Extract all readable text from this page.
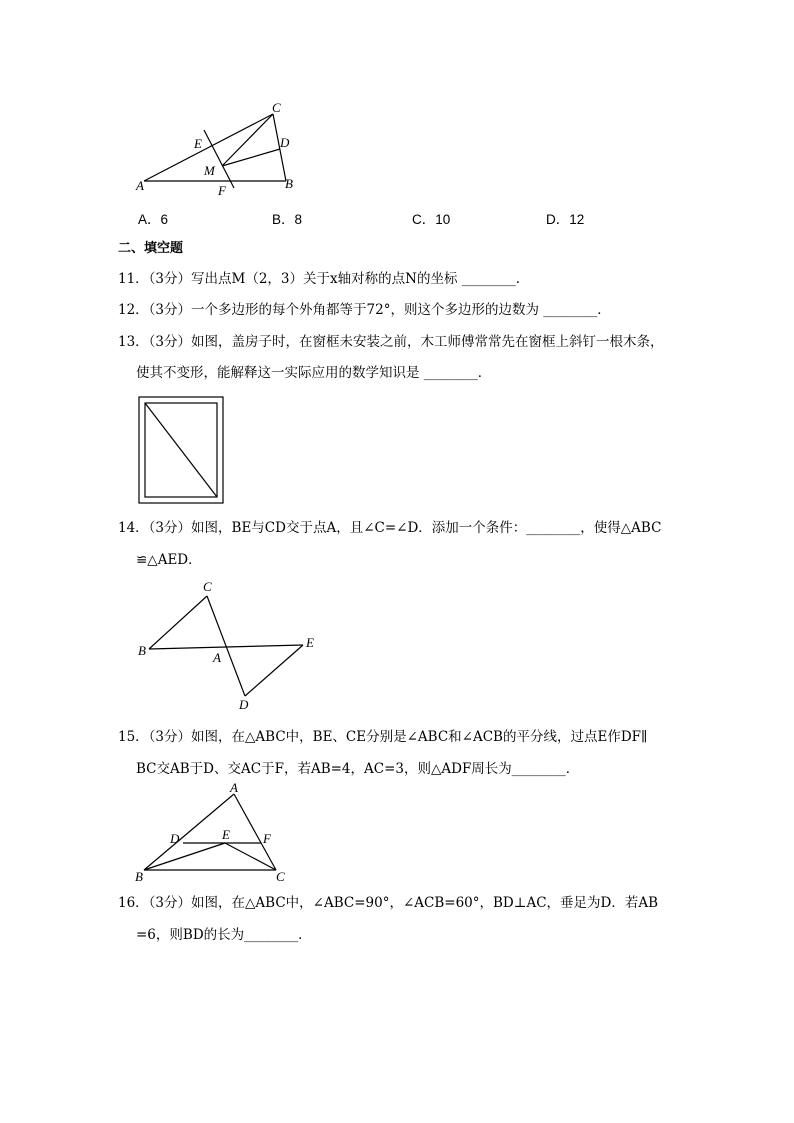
A	B
C
D
E
F
M
A．6	B．8	C．10	D．12
二、填空题
11．（3分）写出点M（2，3）关于x轴对称的点N的坐标 ________．
12．（3分）一个多边形的每个外角都等于72°，则这个多边形的边数为 ________．
13．（3分）如图，盖房子时，在窗框未安装之前，木工师傅常常先在窗框上斜钉一根木条，
使其不变形，能解释这一实际应用的数学知识是 ________．
14．（3分）如图，BE与CD交于点A，且∠C=∠D．添加一个条件：________，使得△ABC
≌△AED．
C
B
E
A
D
15．（3分）如图，在△ABC中，BE、CE分别是∠ABC和∠ACB的平分线，过点E作DF∥
BC交AB于D、交AC于F，若AB=4，AC=3，则△ADF周长为________．
A
D	E	F
B	C
16．（3分）如图，在△ABC中，∠ABC=90°，∠ACB=60°，BD⊥AC，垂足为D．若AB
=6，则BD的长为________．
